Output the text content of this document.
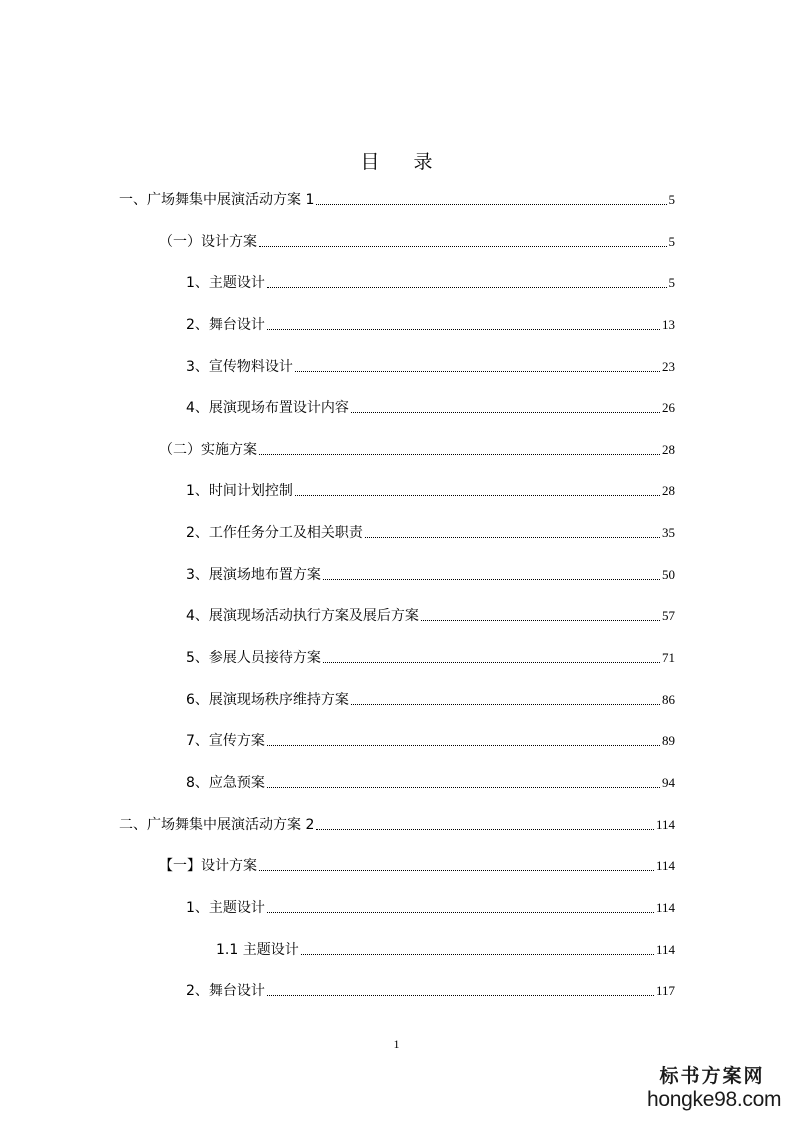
目 录
一、广场舞集中展演活动方案 1	5
（一）设计方案	5
1、主题设计	5
2、舞台设计	13
3、宣传物料设计	23
4、展演现场布置设计内容	26
（二）实施方案	28
1、时间计划控制	28
2、工作任务分工及相关职责	35
3、展演场地布置方案	50
4、展演现场活动执行方案及展后方案	57
5、参展人员接待方案	71
6、展演现场秩序维持方案	86
7、宣传方案	89
8、应急预案	94
二、广场舞集中展演活动方案 2	114
【一】设计方案	114
1、主题设计	114
1.1 主题设计	114
2、舞台设计	117
1
标书方案网
hongke98.com
